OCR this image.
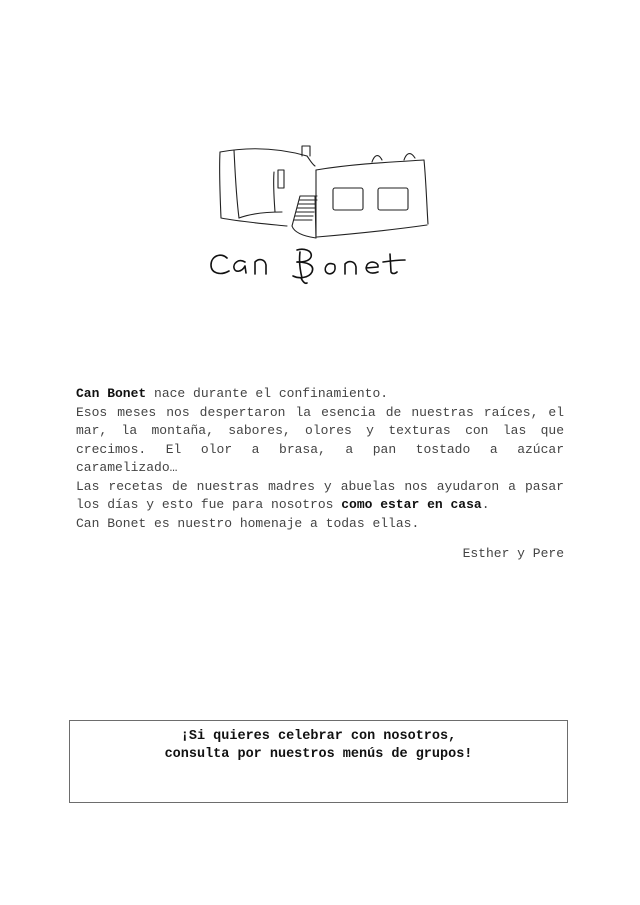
Can Bonet nace durante el confinamiento.

Esos meses nos despertaron la esencia de nuestras raíces, el mar, la montaña, sabores, olores y texturas con las que crecimos. El olor a brasa, a pan tostado a azúcar caramelizado…

Las recetas de nuestras madres y abuelas nos ayudaron a pasar los días y esto fue para nosotros como estar en casa.

Can Bonet es nuestro homenaje a todas ellas.

Esther y Pere
¡Si quieres celebrar con nosotros,
consulta por nuestros menús de grupos!
